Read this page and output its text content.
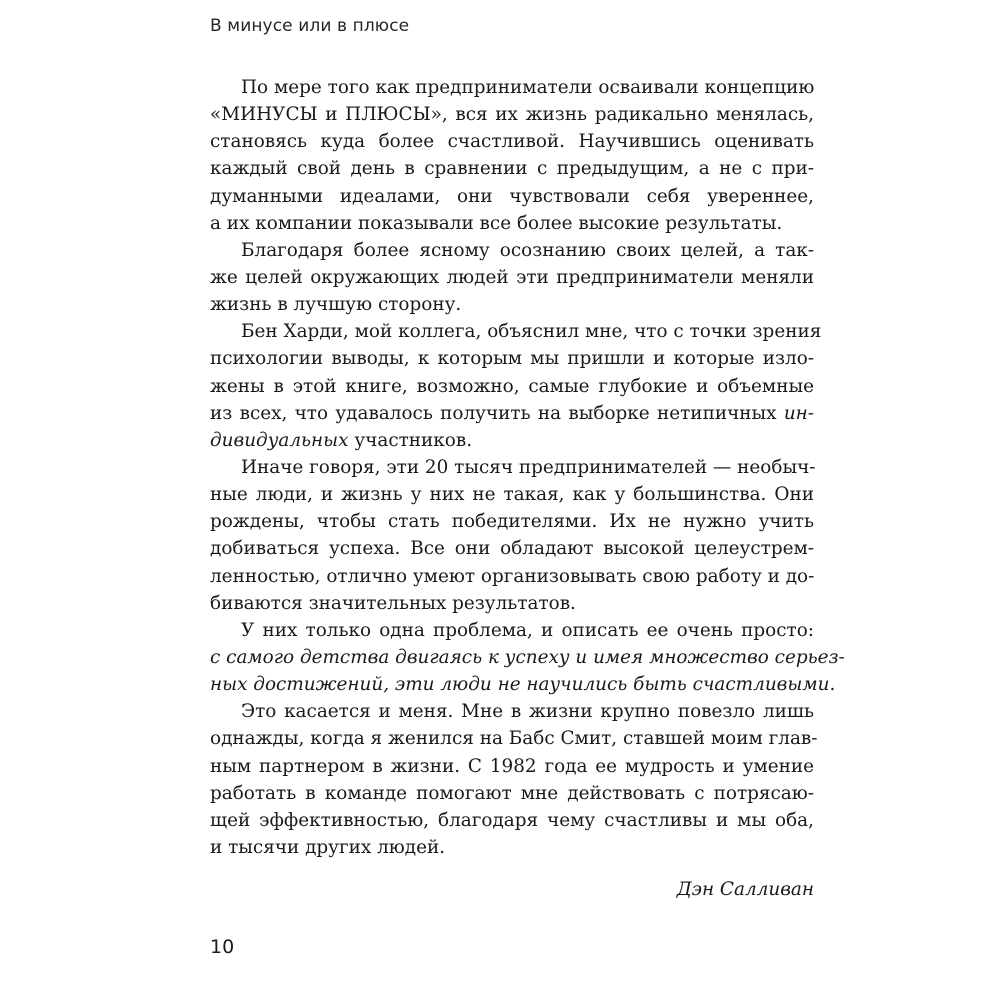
В минусе или в плюсе
По мере того как предприниматели осваивали концепцию
«МИНУСЫ и ПЛЮСЫ», вся их жизнь радикально менялась,
становясь куда более счастливой. Научившись оценивать
каждый свой день в сравнении с предыдущим, а не с при-
думанными идеалами, они чувствовали себя увереннее,
а их компании показывали все более высокие результаты.
Благодаря более ясному осознанию своих целей, а так-
же целей окружающих людей эти предприниматели меняли
жизнь в лучшую сторону.
Бен Харди, мой коллега, объяснил мне, что с точки зрения
психологии выводы, к которым мы пришли и которые изло-
жены в этой книге, возможно, самые глубокие и объемные
из всех, что удавалось получить на выборке нетипичных ин-
дивидуальных участников.
Иначе говоря, эти 20 тысяч предпринимателей — необыч-
ные люди, и жизнь у них не такая, как у большинства. Они
рождены, чтобы стать победителями. Их не нужно учить
добиваться успеха. Все они обладают высокой целеустрем-
ленностью, отлично умеют организовывать свою работу и до-
биваются значительных результатов.
У них только одна проблема, и описать ее очень просто:
с самого детства двигаясь к успеху и имея множество серьез-
ных достижений, эти люди не научились быть счастливыми.
Это касается и меня. Мне в жизни крупно повезло лишь
однажды, когда я женился на Бабс Смит, ставшей моим глав-
ным партнером в жизни. С 1982 года ее мудрость и умение
работать в команде помогают мне действовать с потрясаю-
щей эффективностью, благодаря чему счастливы и мы оба,
и тысячи других людей.
Дэн Салливан
10
